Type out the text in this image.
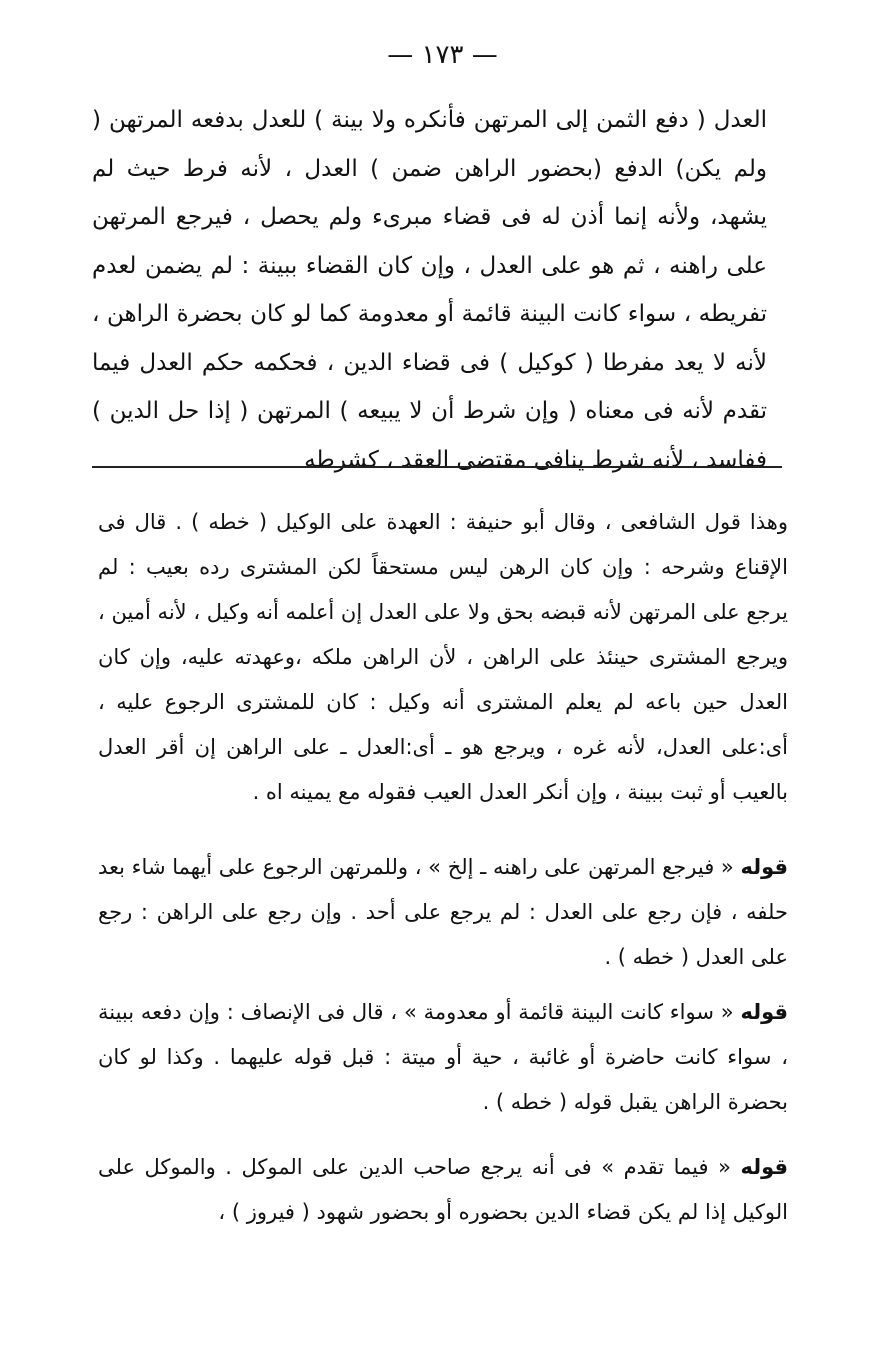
— ١٧٣ —

العدل ( دفع الثمن إلى المرتهن فأنكره ولا بينة ) للعدل بدفعه المرتهن ( ولم يكن) الدفع (بحضور الراهن ضمن ) العدل ، لأنه فرط حيث لم يشهد، ولأنه إنما أذن له فى قضاء مبرىء ولم يحصل ، فيرجع المرتهن على راهنه ، ثم هو على العدل ، وإن كان القضاء ببينة : لم يضمن لعدم تفريطه ، سواء كانت البينة قائمة أو معدومة كما لو كان بحضرة الراهن ، لأنه لا يعد مفرطا ( كوكيل ) فى قضاء الدين ، فحكمه حكم العدل فيما تقدم لأنه فى معناه ( وإن شرط أن لا يبيعه ) المرتهن ( إذا حل الدين ) ففاسد ، لأنه شرط ينافى مقتضى العقد ، كشرطه

وهذا قول الشافعى ، وقال أبو حنيفة : العهدة على الوكيل ( خطه ) . قال فى الإقناع وشرحه : وإن كان الرهن ليس مستحقاً لكن المشترى رده بعيب : لم يرجع على المرتهن لأنه قبضه بحق ولا على العدل إن أعلمه أنه وكيل ، لأنه أمين ، ويرجع المشترى حينئذ على الراهن ، لأن الراهن ملكه ،وعهدته عليه، وإن كان العدل حين باعه لم يعلم المشترى أنه وكيل : كان للمشترى الرجوع عليه ، أى:على العدل، لأنه غره ، ويرجع هو ـ أى:العدل ـ على الراهن إن أقر العدل بالعيب أو ثبت ببينة ، وإن أنكر العدل العيب فقوله مع يمينه اه .

قوله « فيرجع المرتهن على راهنه ـ إلخ » ، وللمرتهن الرجوع على أيهما شاء بعد حلفه ، فإن رجع على العدل : لم يرجع على أحد . وإن رجع على الراهن : رجع على العدل ( خطه ) .

قوله « سواء كانت البينة قائمة أو معدومة » ، قال فى الإنصاف : وإن دفعه ببينة ، سواء كانت حاضرة أو غائبة ، حية أو ميتة : قبل قوله عليهما . وكذا لو كان بحضرة الراهن يقبل قوله ( خطه ) .

قوله « فيما تقدم » فى أنه يرجع صاحب الدين على الموكل . والموكل على الوكيل إذا لم يكن قضاء الدين بحضوره أو بحضور شهود ( فيروز ) ،
